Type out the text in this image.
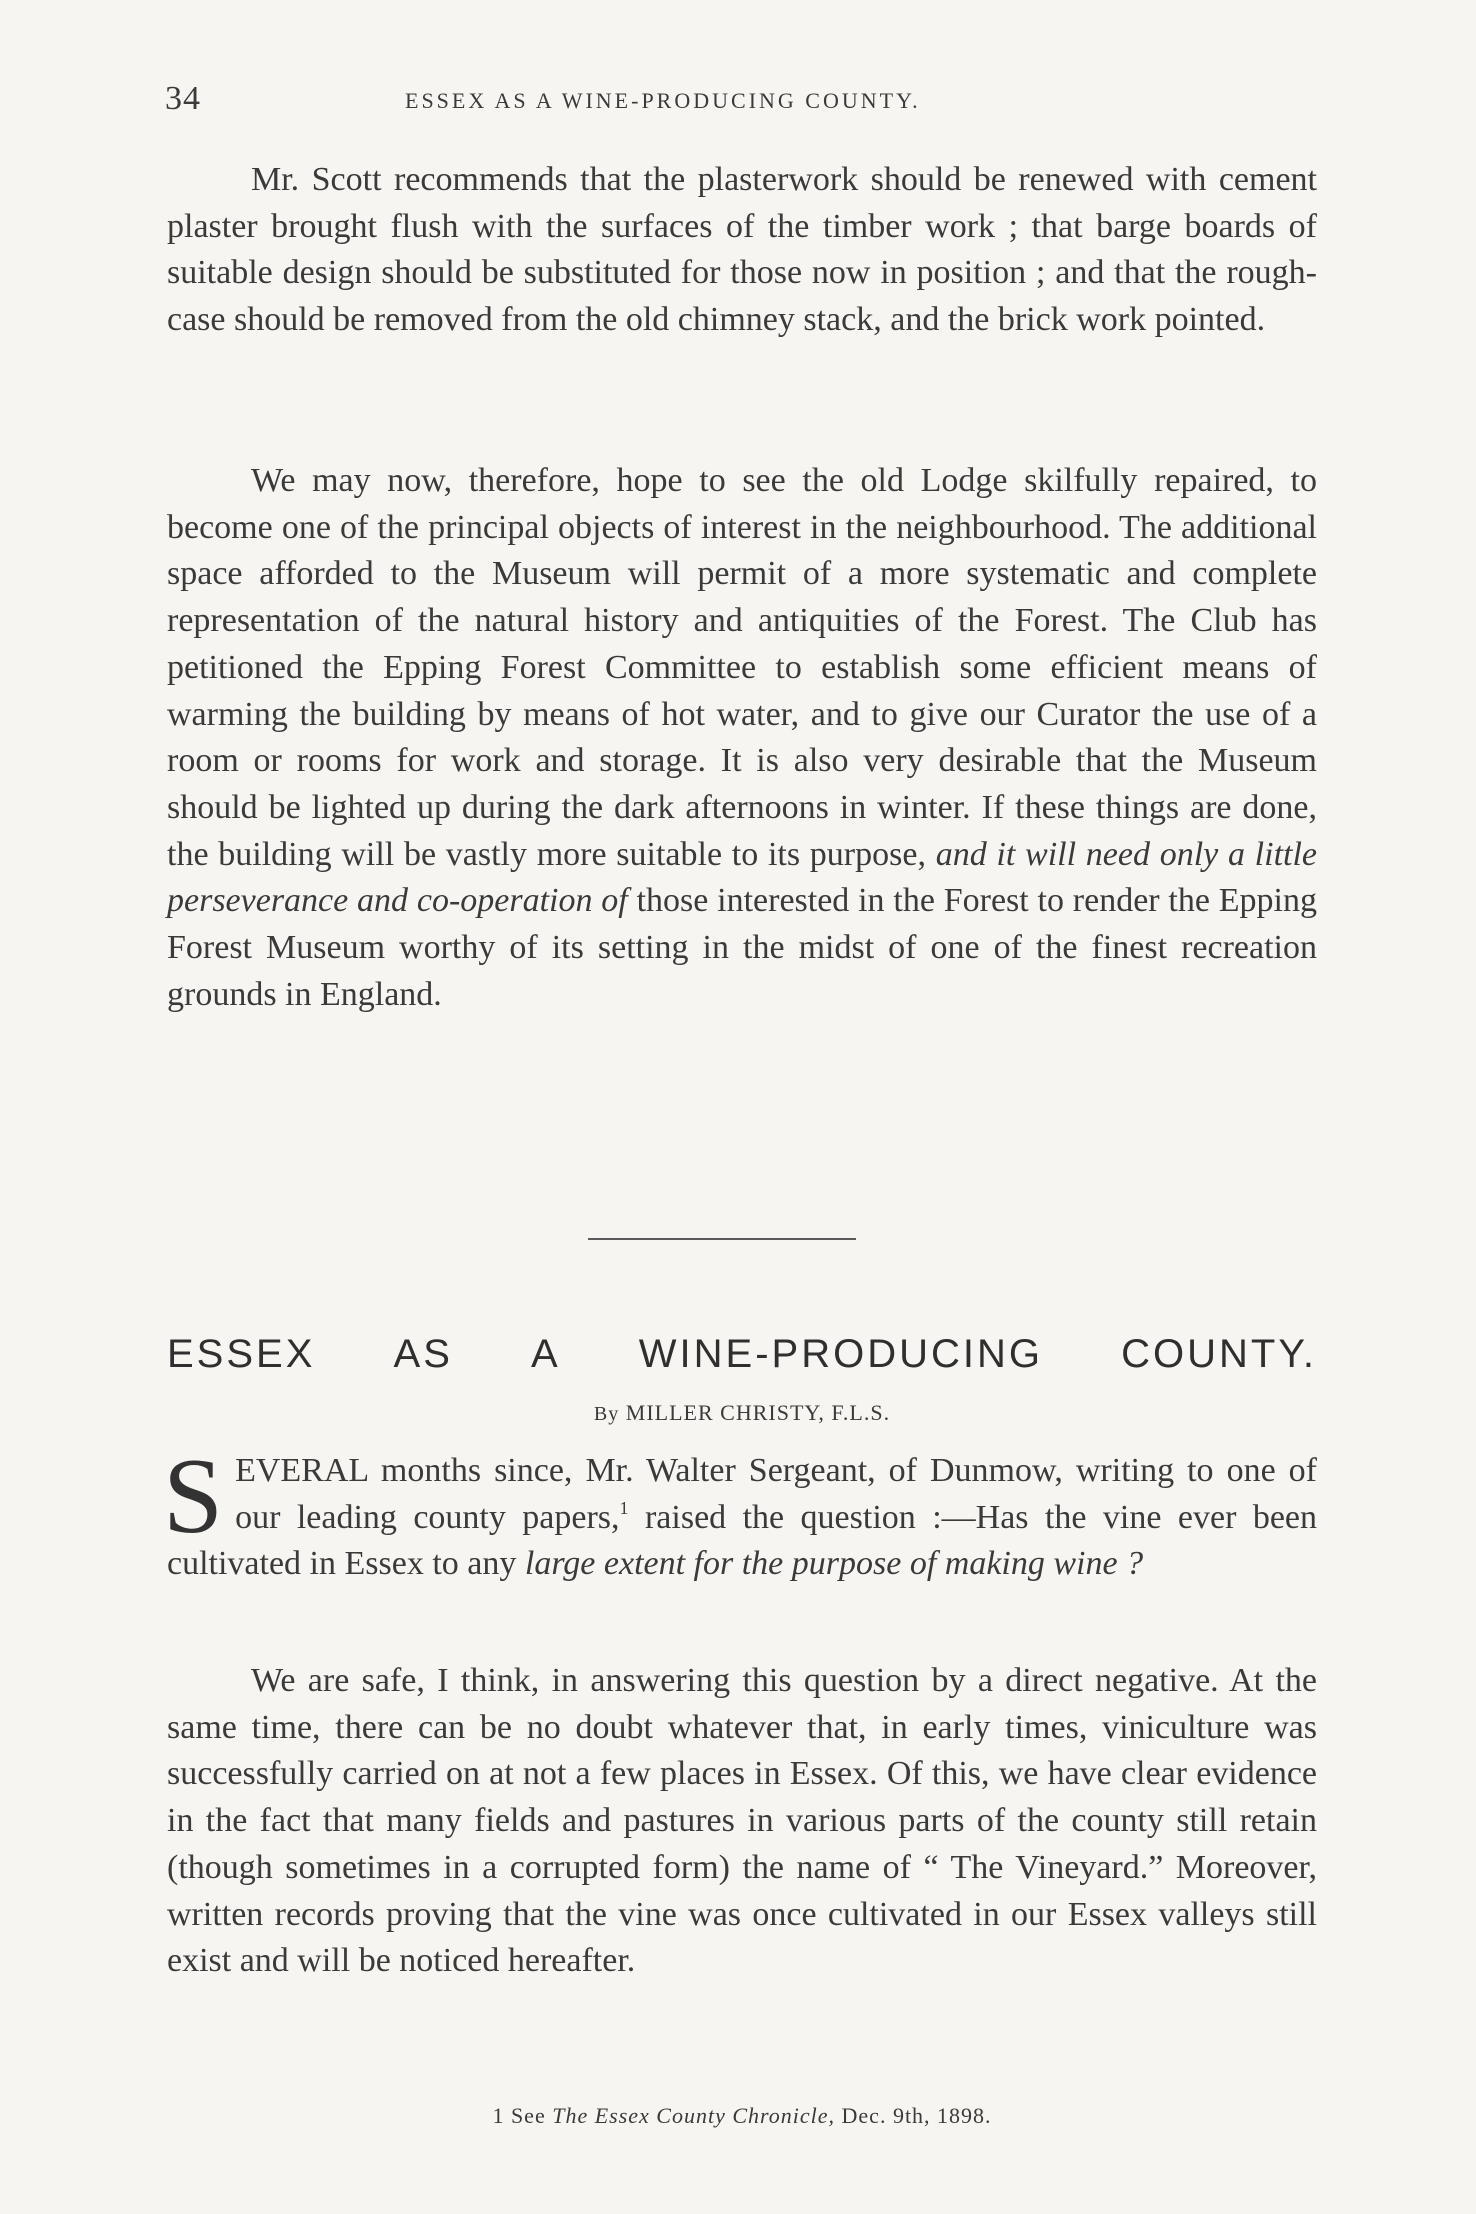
34	ESSEX AS A WINE-PRODUCING COUNTY.

Mr. Scott recommends that the plasterwork should be renewed with cement plaster brought flush with the surfaces of the timber work ; that barge boards of suitable design should be substituted for those now in position ; and that the rough-case should be removed from the old chimney stack, and the brick work pointed.

We may now, therefore, hope to see the old Lodge skilfully repaired, to become one of the principal objects of interest in the neighbourhood. The additional space afforded to the Museum will permit of a more systematic and complete representation of the natural history and antiquities of the Forest. The Club has petitioned the Epping Forest Committee to establish some efficient means of warming the building by means of hot water, and to give our Curator the use of a room or rooms for work and storage. It is also very desirable that the Museum should be lighted up during the dark afternoons in winter. If these things are done, the building will be vastly more suitable to its purpose, and it will need only a little perseverance and co-operation of those interested in the Forest to render the Epping Forest Museum worthy of its setting in the midst of one of the finest recreation grounds in England.

ESSEX AS A WINE-PRODUCING COUNTY.
By MILLER CHRISTY, F.L.S.

SEVERAL months since, Mr. Walter Sergeant, of Dunmow, writing to one of our leading county papers,$^1$ raised the question :—Has the vine ever been cultivated in Essex to any large extent for the purpose of making wine ?

We are safe, I think, in answering this question by a direct negative. At the same time, there can be no doubt whatever that, in early times, viniculture was successfully carried on at not a few places in Essex. Of this, we have clear evidence in the fact that many fields and pastures in various parts of the county still retain (though sometimes in a corrupted form) the name of “ The Vineyard.” Moreover, written records proving that the vine was once cultivated in our Essex valleys still exist and will be noticed hereafter.

1 See The Essex County Chronicle, Dec. 9th, 1898.
